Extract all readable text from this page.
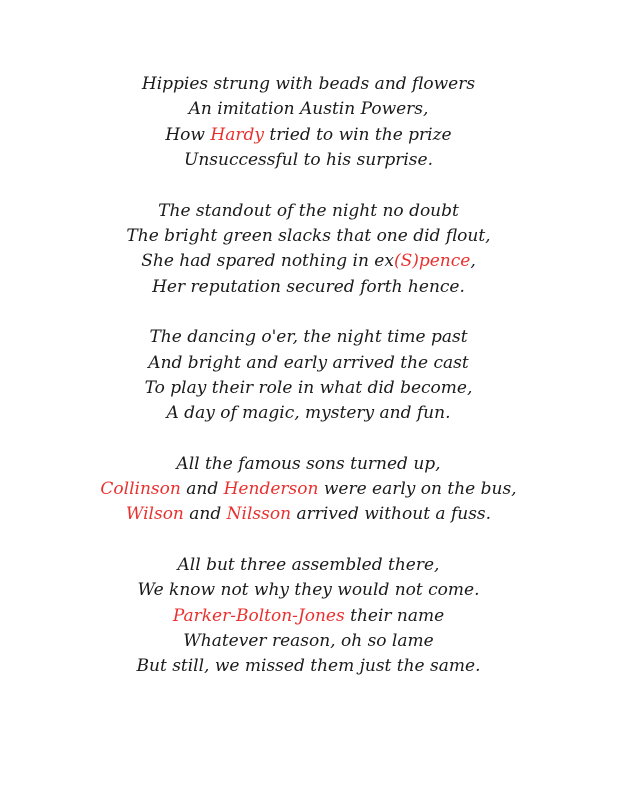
Hippies strung with beads and flowers
An imitation Austin Powers,
How Hardy tried to win the prize
Unsuccessful to his surprise.
The standout of the night no doubt
The bright green slacks that one did flout,
She had spared nothing in ex(S)pence,
Her reputation secured forth hence.
The dancing o'er, the night time past
And bright and early arrived the cast
To play their role in what did become,
A day of magic, mystery and fun.
All the famous sons turned up,
Collinson and Henderson were early on the bus,
Wilson and Nilsson arrived without a fuss.
All but three assembled there,
We know not why they would not come.
Parker-Bolton-Jones their name
Whatever reason, oh so lame
But still, we missed them just the same.
